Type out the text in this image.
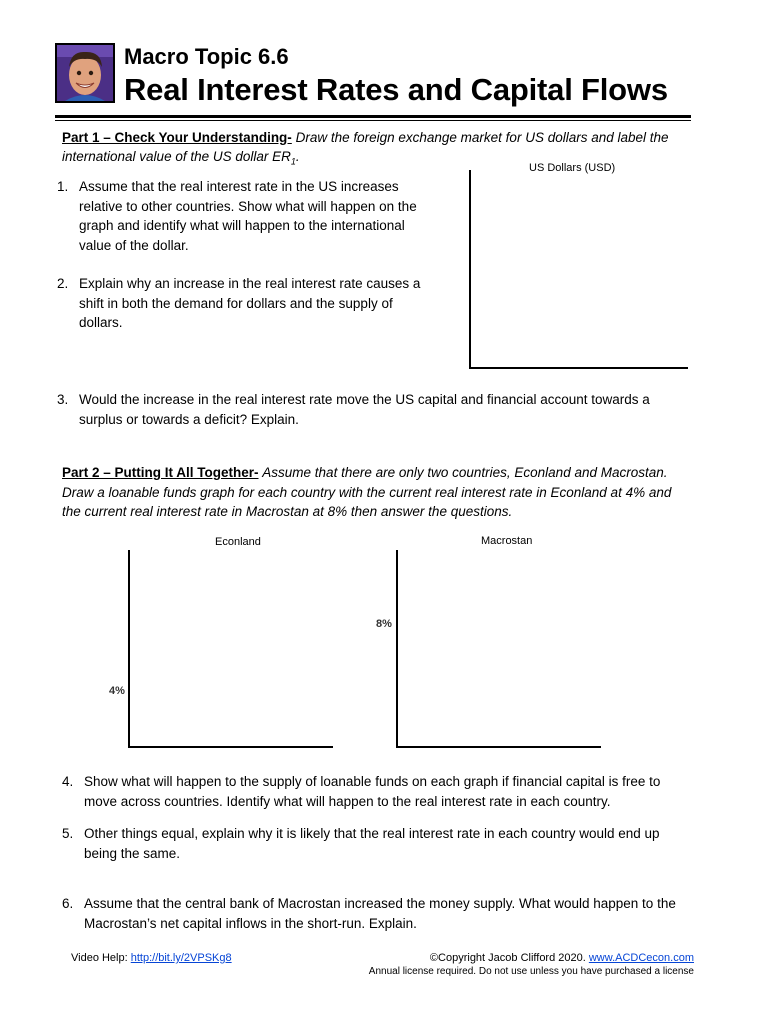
Macro Topic 6.6
Real Interest Rates and Capital Flows
Part 1 – Check Your Understanding- Draw the foreign exchange market for US dollars and label the
international value of the US dollar $ER_1$.
US Dollars (USD)
1. Assume that the real interest rate in the US increases
relative to other countries. Show what will happen on the
graph and identify what will happen to the international
value of the dollar.
2. Explain why an increase in the real interest rate causes a
shift in both the demand for dollars and the supply of
dollars.
3. Would the increase in the real interest rate move the US capital and financial account towards a
surplus or towards a deficit? Explain.
Part 2 – Putting It All Together- Assume that there are only two countries, Econland and Macrostan.
Draw a loanable funds graph for each country with the current real interest rate in Econland at 4% and
the current real interest rate in Macrostan at 8% then answer the questions.
Econland
4%
Macrostan
8%
4. Show what will happen to the supply of loanable funds on each graph if financial capital is free to
move across countries. Identify what will happen to the real interest rate in each country.
5. Other things equal, explain why it is likely that the real interest rate in each country would end up
being the same.
6. Assume that the central bank of Macrostan increased the money supply. What would happen to the
Macrostan’s net capital inflows in the short-run. Explain.
Video Help: http://bit.ly/2VPSKg8	©Copyright Jacob Clifford 2020. www.ACDCecon.com
Annual license required. Do not use unless you have purchased a license
